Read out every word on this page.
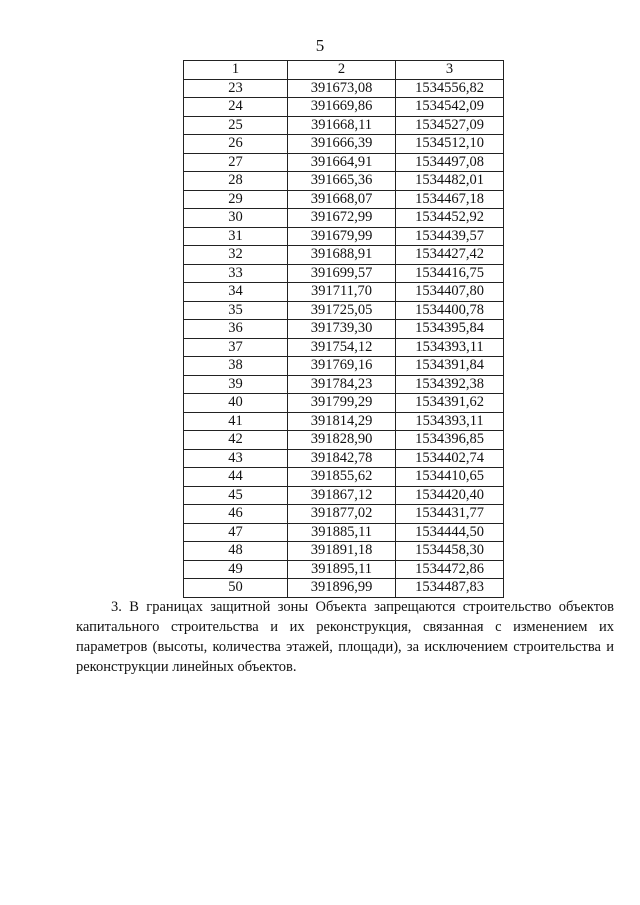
5
1	2	3
23	391673,08	1534556,82
24	391669,86	1534542,09
25	391668,11	1534527,09
26	391666,39	1534512,10
27	391664,91	1534497,08
28	391665,36	1534482,01
29	391668,07	1534467,18
30	391672,99	1534452,92
31	391679,99	1534439,57
32	391688,91	1534427,42
33	391699,57	1534416,75
34	391711,70	1534407,80
35	391725,05	1534400,78
36	391739,30	1534395,84
37	391754,12	1534393,11
38	391769,16	1534391,84
39	391784,23	1534392,38
40	391799,29	1534391,62
41	391814,29	1534393,11
42	391828,90	1534396,85
43	391842,78	1534402,74
44	391855,62	1534410,65
45	391867,12	1534420,40
46	391877,02	1534431,77
47	391885,11	1534444,50
48	391891,18	1534458,30
49	391895,11	1534472,86
50	391896,99	1534487,83
3. В границах защитной зоны Объекта запрещаются строительство объектов капитального строительства и их реконструкция, связанная с изменением их параметров (высоты, количества этажей, площади), за исключением строительства и реконструкции линейных объектов.
